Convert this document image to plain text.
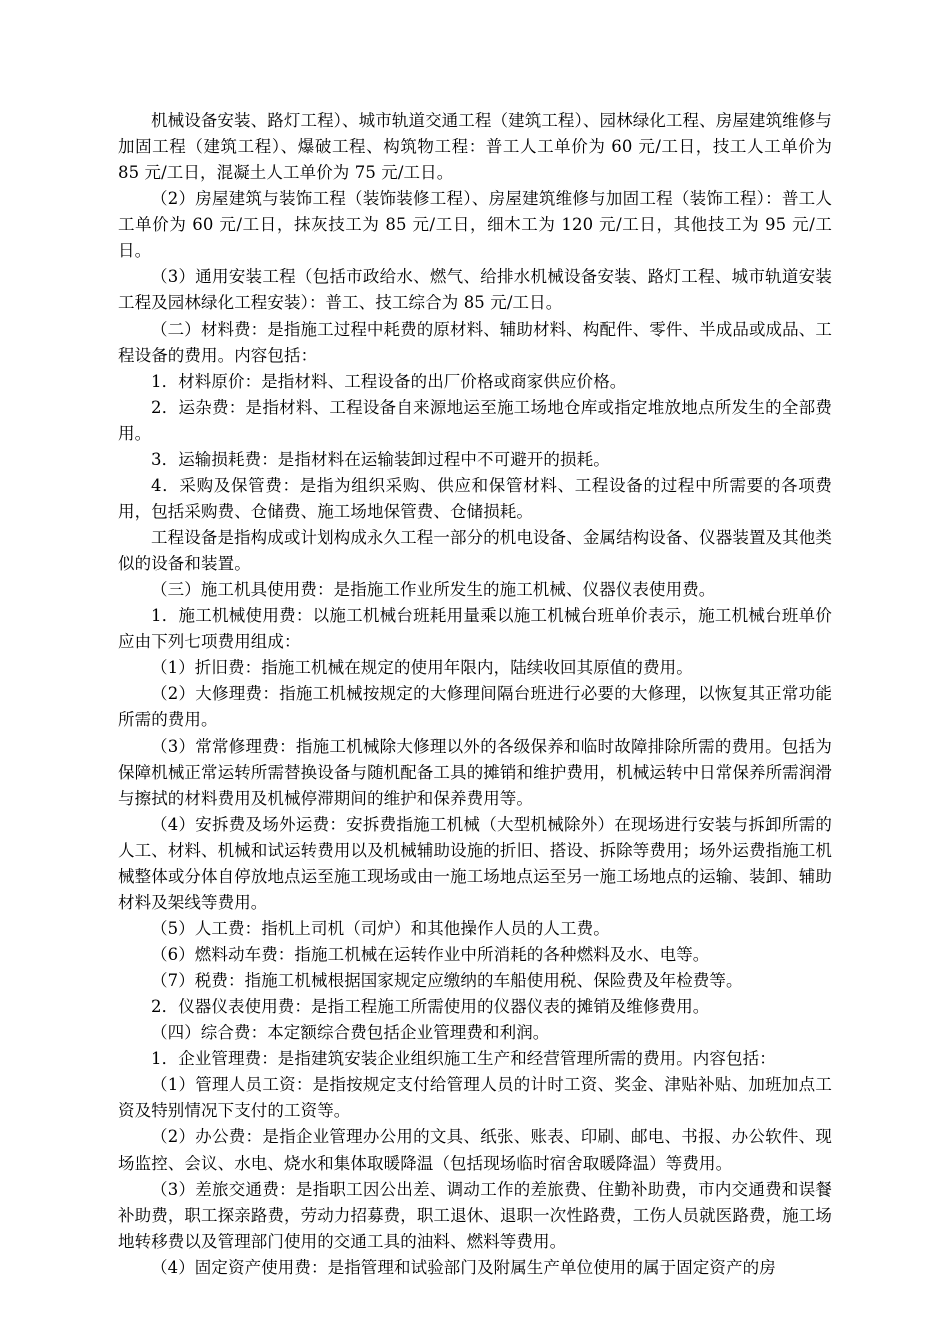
机械设备安装、路灯工程）、城市轨道交通工程（建筑工程）、园林绿化工程、房屋建筑维修与加固工程（建筑工程）、爆破工程、构筑物工程：普工人工单价为 60 元/工日，技工人工单价为 85 元/工日，混凝土人工单价为 75 元/工日。

（2）房屋建筑与装饰工程（装饰装修工程）、房屋建筑维修与加固工程（装饰工程）：普工人工单价为 60 元/工日，抹灰技工为 85 元/工日，细木工为 120 元/工日，其他技工为 95 元/工日。

（3）通用安装工程（包括市政给水、燃气、给排水机械设备安装、路灯工程、城市轨道安装工程及园林绿化工程安装）：普工、技工综合为 85 元/工日。

（二）材料费：是指施工过程中耗费的原材料、辅助材料、构配件、零件、半成品或成品、工程设备的费用。内容包括：

1．材料原价：是指材料、工程设备的出厂价格或商家供应价格。

2．运杂费：是指材料、工程设备自来源地运至施工场地仓库或指定堆放地点所发生的全部费用。

3．运输损耗费：是指材料在运输装卸过程中不可避开的损耗。

4．采购及保管费：是指为组织采购、供应和保管材料、工程设备的过程中所需要的各项费用，包括采购费、仓储费、施工场地保管费、仓储损耗。

工程设备是指构成或计划构成永久工程一部分的机电设备、金属结构设备、仪器装置及其他类似的设备和装置。

（三）施工机具使用费：是指施工作业所发生的施工机械、仪器仪表使用费。

1．施工机械使用费：以施工机械台班耗用量乘以施工机械台班单价表示，施工机械台班单价应由下列七项费用组成：

（1）折旧费：指施工机械在规定的使用年限内，陆续收回其原值的费用。

（2）大修理费：指施工机械按规定的大修理间隔台班进行必要的大修理，以恢复其正常功能所需的费用。

（3）常常修理费：指施工机械除大修理以外的各级保养和临时故障排除所需的费用。包括为保障机械正常运转所需替换设备与随机配备工具的摊销和维护费用，机械运转中日常保养所需润滑与擦拭的材料费用及机械停滞期间的维护和保养费用等。

（4）安拆费及场外运费：安拆费指施工机械（大型机械除外）在现场进行安装与拆卸所需的人工、材料、机械和试运转费用以及机械辅助设施的折旧、搭设、拆除等费用；场外运费指施工机械整体或分体自停放地点运至施工现场或由一施工场地点运至另一施工场地点的运输、装卸、辅助材料及架线等费用。

（5）人工费：指机上司机（司炉）和其他操作人员的人工费。

（6）燃料动车费：指施工机械在运转作业中所消耗的各种燃料及水、电等。

（7）税费：指施工机械根据国家规定应缴纳的车船使用税、保险费及年检费等。

2．仪器仪表使用费：是指工程施工所需使用的仪器仪表的摊销及维修费用。

（四）综合费：本定额综合费包括企业管理费和利润。

1．企业管理费：是指建筑安装企业组织施工生产和经营管理所需的费用。内容包括：

（1）管理人员工资：是指按规定支付给管理人员的计时工资、奖金、津贴补贴、加班加点工资及特别情况下支付的工资等。

（2）办公费：是指企业管理办公用的文具、纸张、账表、印刷、邮电、书报、办公软件、现场监控、会议、水电、烧水和集体取暖降温（包括现场临时宿舍取暖降温）等费用。

（3）差旅交通费：是指职工因公出差、调动工作的差旅费、住勤补助费，市内交通费和误餐补助费，职工探亲路费，劳动力招募费，职工退休、退职一次性路费，工伤人员就医路费，施工场地转移费以及管理部门使用的交通工具的油料、燃料等费用。

（4）固定资产使用费：是指管理和试验部门及附属生产单位使用的属于固定资产的房
